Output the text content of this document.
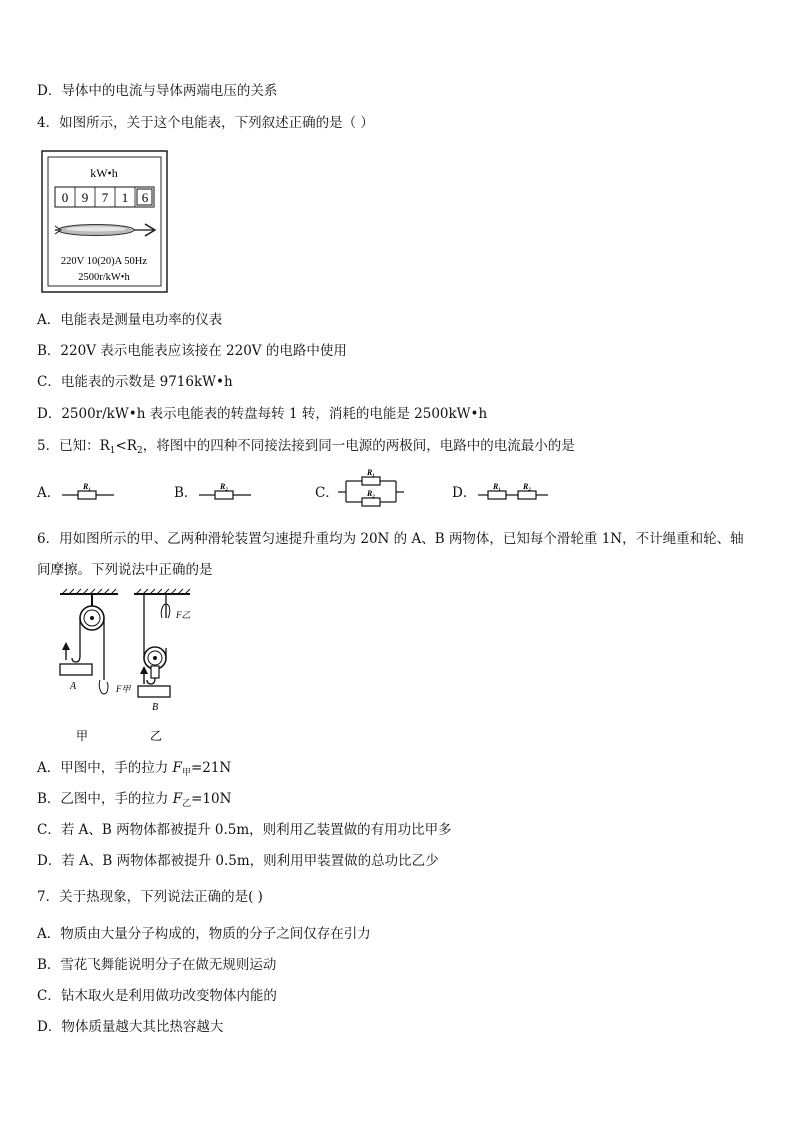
D．导体中的电流与导体两端电压的关系
4．如图所示，关于这个电能表，下列叙述正确的是（ ）
kW•h
0 9 7 1 6
220V 10(20)A 50Hz
2500r/kW•h
A．电能表是测量电功率的仪表
B．220V 表示电能表应该接在 220V 的电路中使用
C．电能表的示数是 9716kW•h
D．2500r/kW•h 表示电能表的转盘每转 1 转，消耗的电能是 2500kW•h
5．已知：$R_1<R_2$，将图中的四种不同接法接到同一电源的两极间，电路中的电流最小的是
A．	R₁	B．	R₂	C．
R₁
R₂	D． R₁	R₂
6．用如图所示的甲、乙两种滑轮装置匀速提升重均为 20N 的 A、B 两物体，已知每个滑轮重 1N，不计绳重和轮、轴间摩擦。下列说法中正确的是
A	F甲
甲
B
F乙
乙
A．甲图中，手的拉力 $F_甲=21N$
B．乙图中，手的拉力 $F_乙=10N$
C．若 A、B 两物体都被提升 0.5m，则利用乙装置做的有用功比甲多
D．若 A、B 两物体都被提升 0.5m，则利用甲装置做的总功比乙少
7．关于热现象，下列说法正确的是( )
A．物质由大量分子构成的，物质的分子之间仅存在引力
B．雪花飞舞能说明分子在做无规则运动
C．钻木取火是利用做功改变物体内能的
D．物体质量越大其比热容越大
